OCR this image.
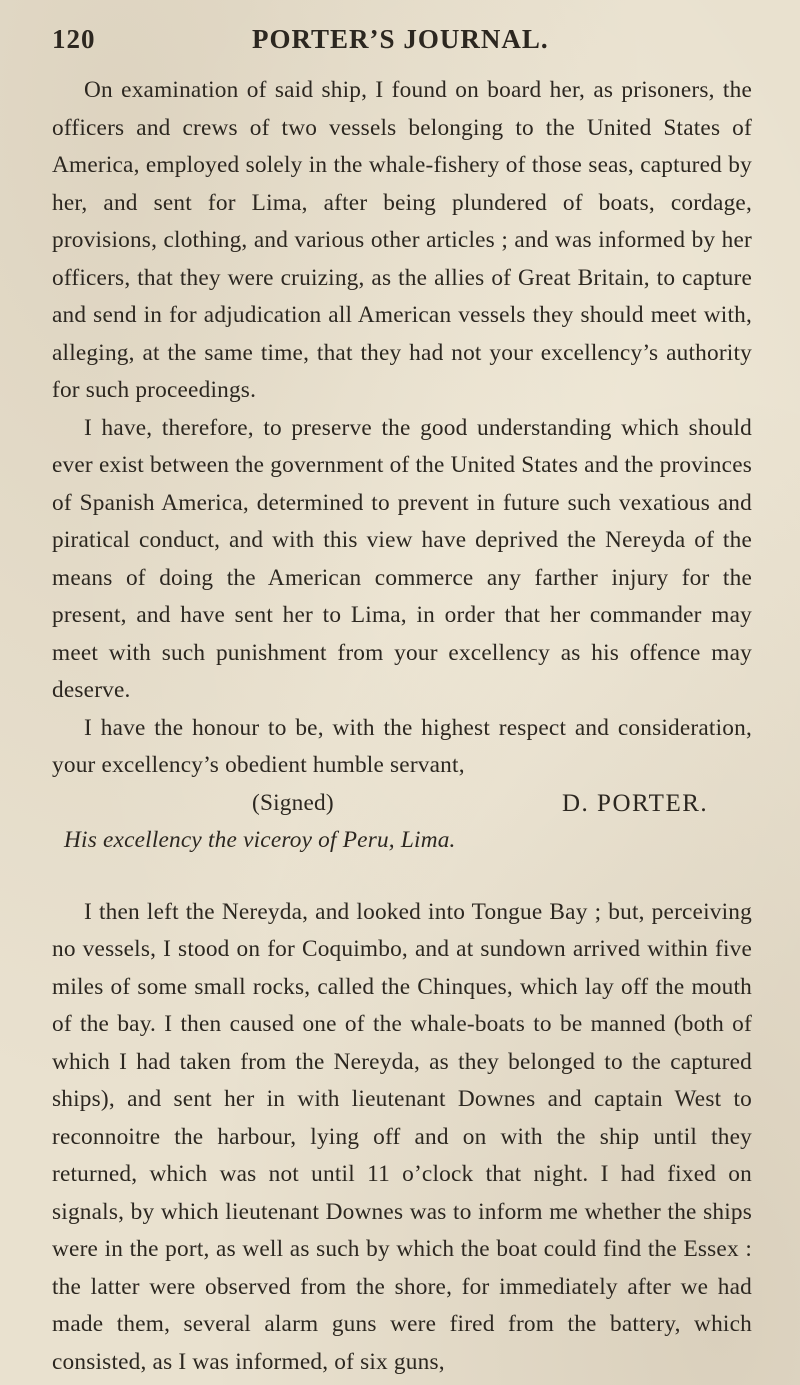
120	PORTER’S JOURNAL.

On examination of said ship, I found on board her, as prisoners, the officers and crews of two vessels belonging to the United States of America, employed solely in the whale-fishery of those seas, captured by her, and sent for Lima, after being plundered of boats, cordage, provisions, clothing, and various other articles ; and was informed by her officers, that they were cruizing, as the allies of Great Britain, to capture and send in for adjudication all American vessels they should meet with, alleging, at the same time, that they had not your excellency’s authority for such proceedings.

I have, therefore, to preserve the good understanding which should ever exist between the government of the United States and the provinces of Spanish America, determined to prevent in future such vexatious and piratical conduct, and with this view have deprived the Nereyda of the means of doing the American commerce any farther injury for the present, and have sent her to Lima, in order that her commander may meet with such punishment from your excellency as his offence may deserve.

I have the honour to be, with the highest respect and consideration, your excellency’s obedient humble servant,

(Signed)	D. PORTER.
His excellency the viceroy of Peru, Lima.

I then left the Nereyda, and looked into Tongue Bay ; but, perceiving no vessels, I stood on for Coquimbo, and at sundown arrived within five miles of some small rocks, called the Chinques, which lay off the mouth of the bay. I then caused one of the whale-boats to be manned (both of which I had taken from the Nereyda, as they belonged to the captured ships), and sent her in with lieutenant Downes and captain West to reconnoitre the harbour, lying off and on with the ship until they returned, which was not until 11 o’clock that night. I had fixed on signals, by which lieutenant Downes was to inform me whether the ships were in the port, as well as such by which the boat could find the Essex : the latter were observed from the shore, for immediately after we had made them, several alarm guns were fired from the battery, which consisted, as I was informed, of six guns,
